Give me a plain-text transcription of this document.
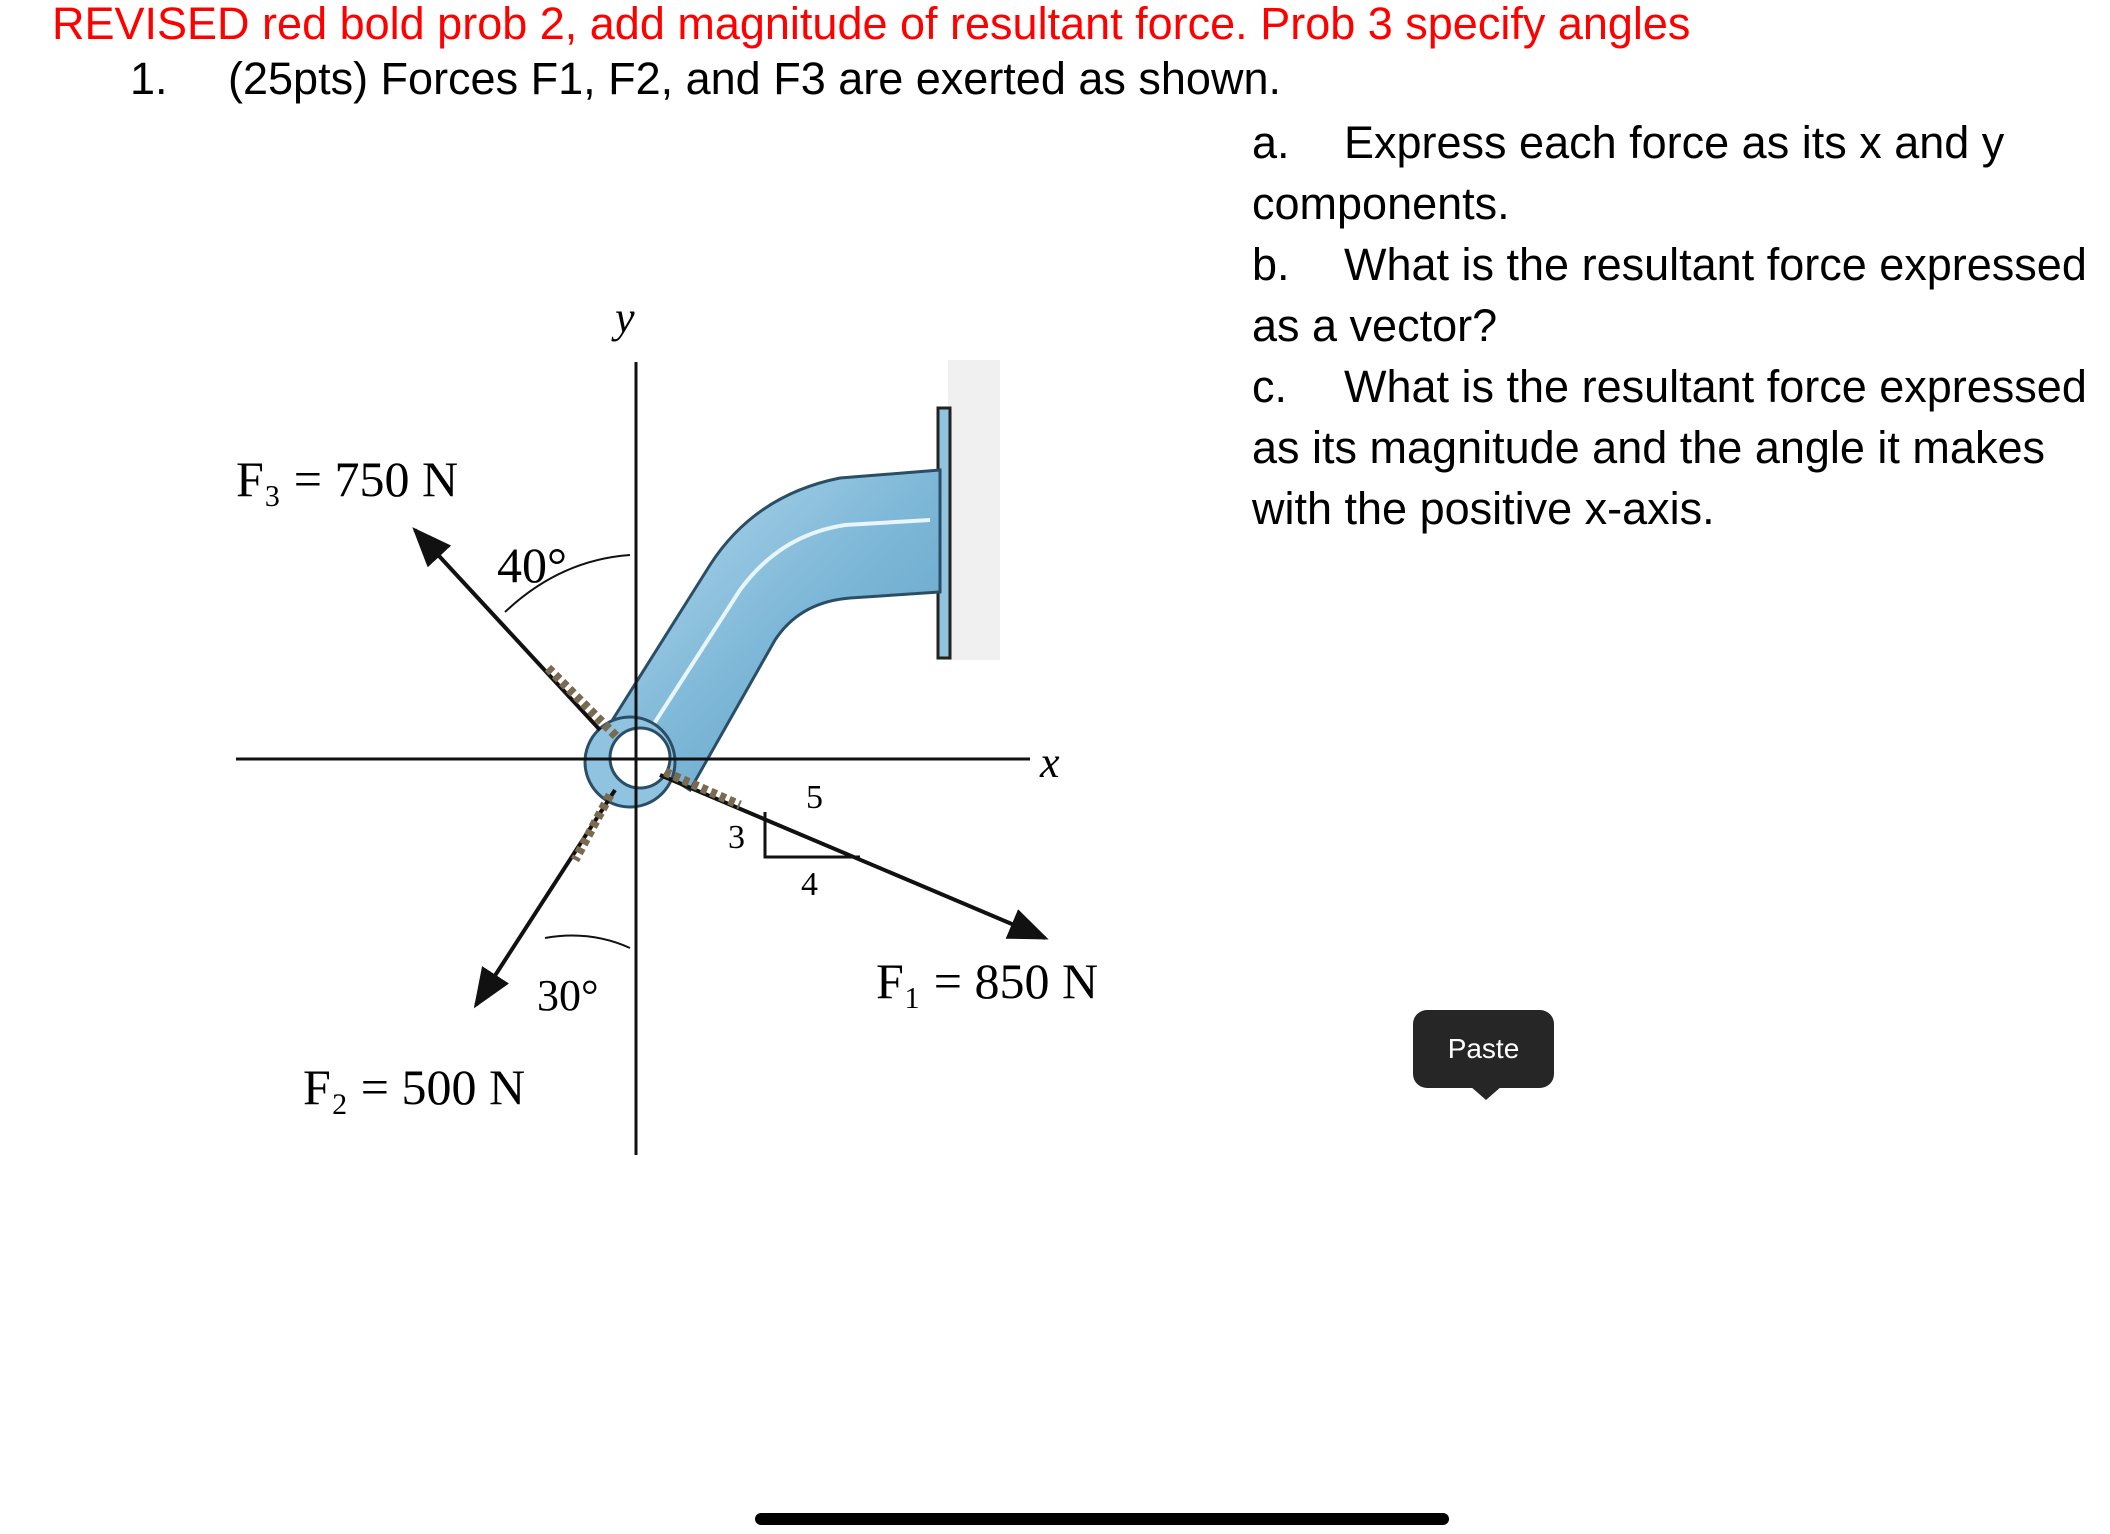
REVISED red bold prob 2, add magnitude of resultant force. Prob 3 specify angles
1. (25pts) Forces F1, F2, and F3 are exerted as shown.

a. Express each force as its x and y components.

b. What is the resultant force expressed as a vector?

c. What is the resultant force expressed as its magnitude and the angle it makes with the positive x-axis.

y
x
F₃ = 750 N
40°
30°
F₂ = 500 N
F₁ = 850 N
5
3
4
Paste
